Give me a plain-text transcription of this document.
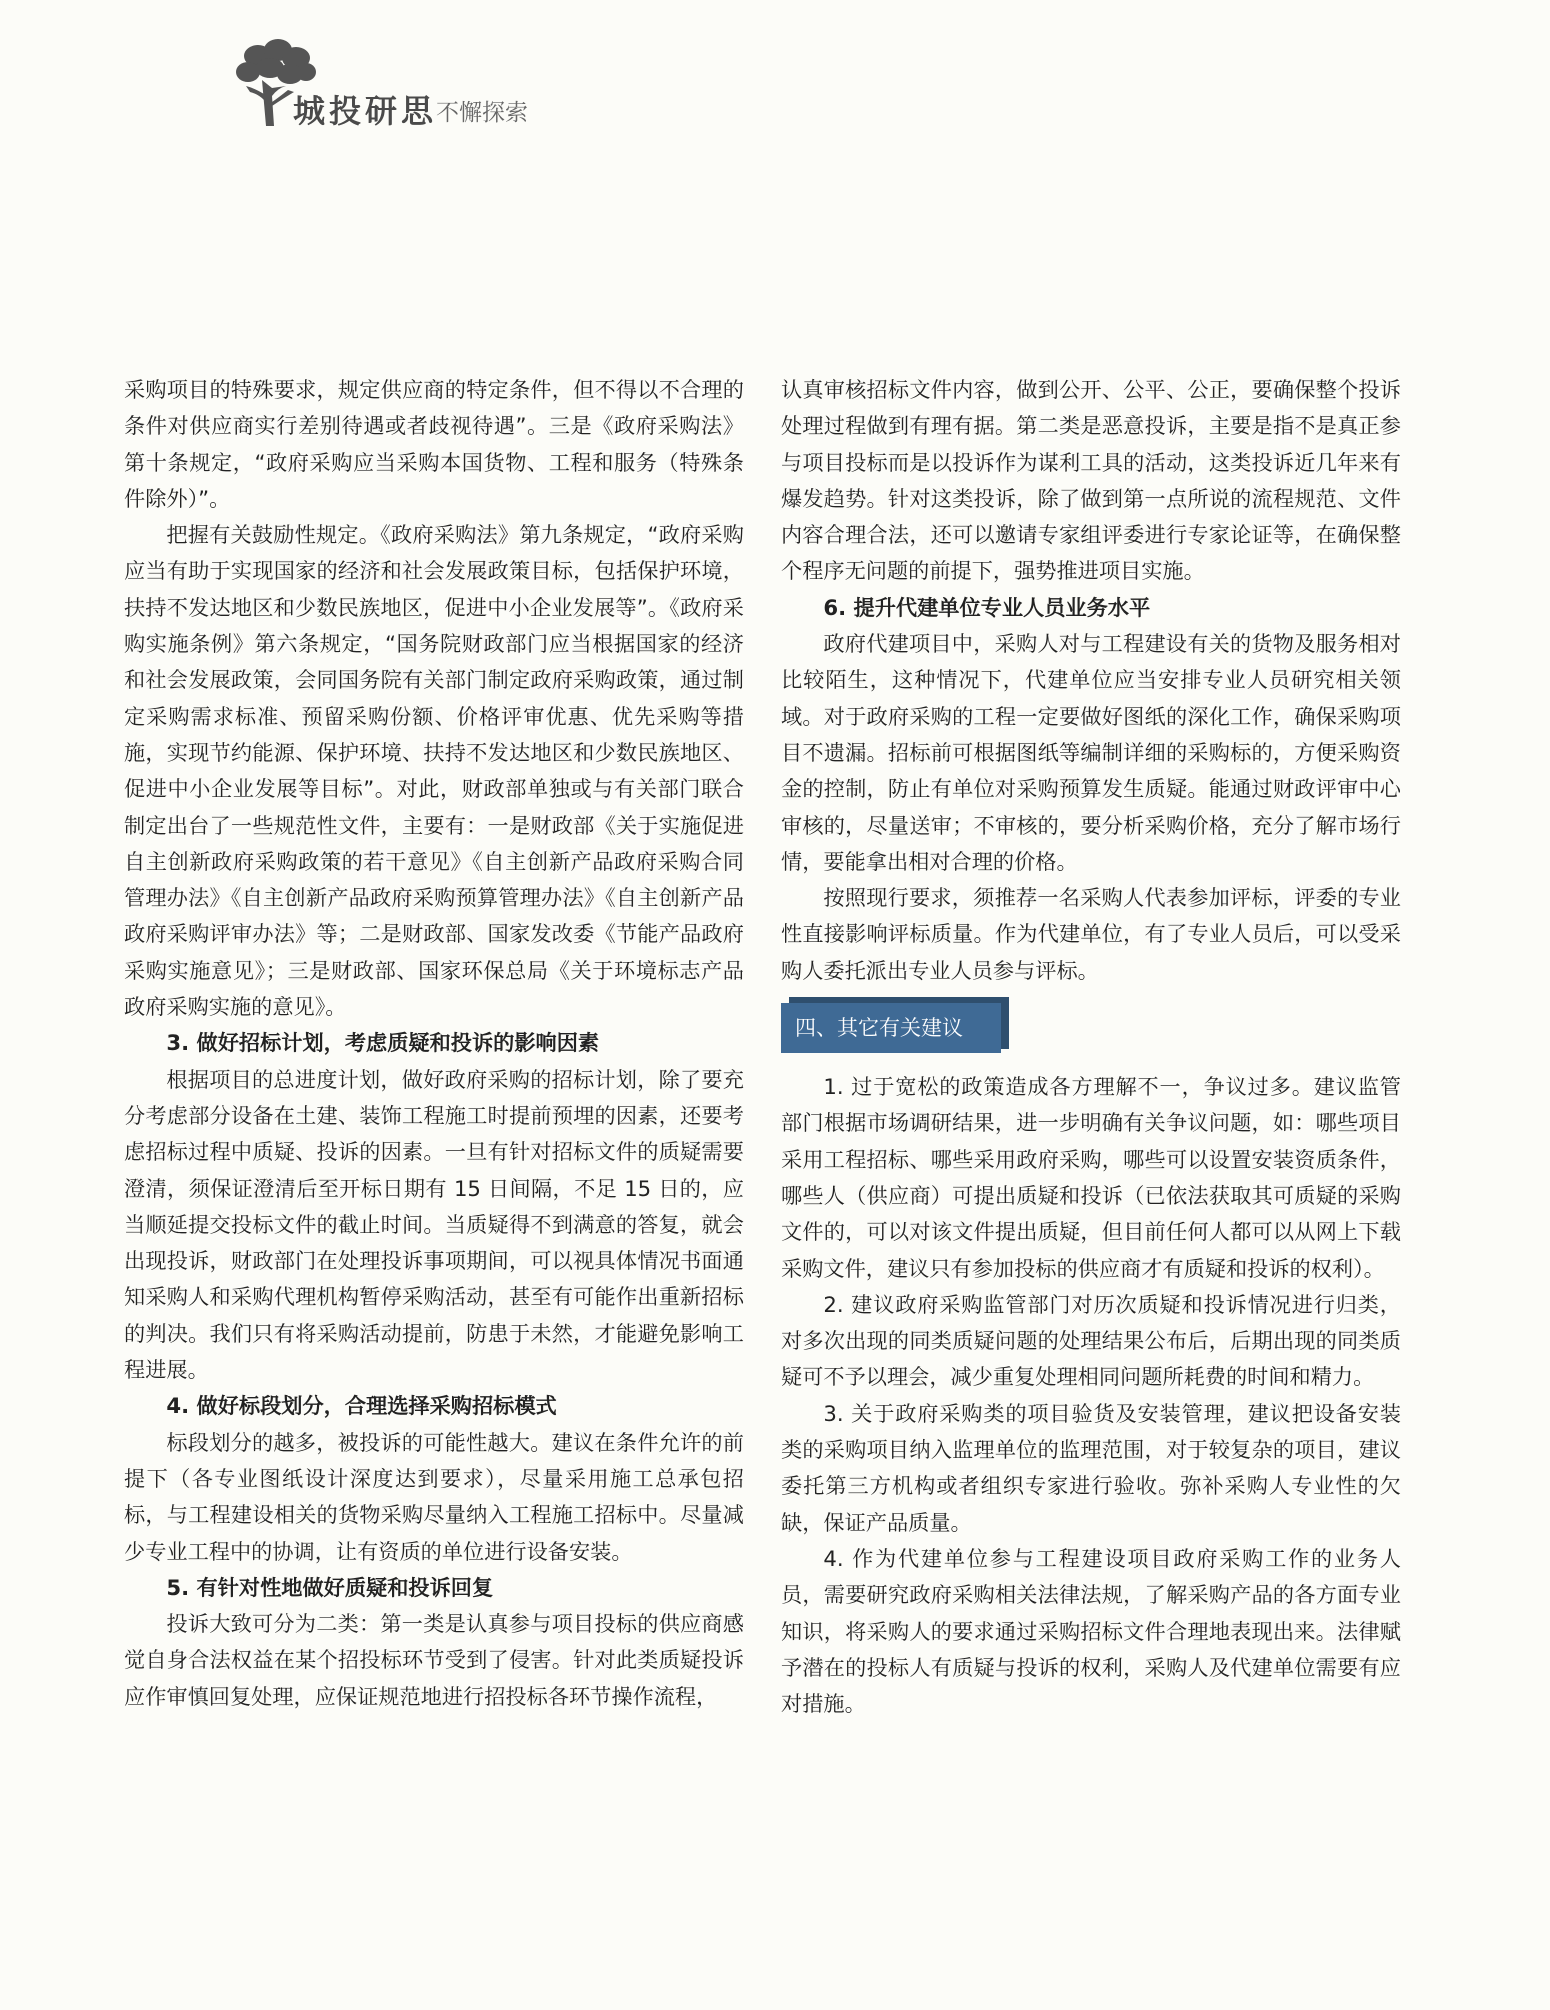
城投研思
不懈探索

采购项目的特殊要求，规定供应商的特定条件，但不得以不合理的条件对供应商实行差别待遇或者歧视待遇”。三是《政府采购法》第十条规定，“政府采购应当采购本国货物、工程和服务（特殊条件除外）”。

把握有关鼓励性规定。《政府采购法》第九条规定，“政府采购应当有助于实现国家的经济和社会发展政策目标，包括保护环境，扶持不发达地区和少数民族地区，促进中小企业发展等”。《政府采购实施条例》第六条规定，“国务院财政部门应当根据国家的经济和社会发展政策，会同国务院有关部门制定政府采购政策，通过制定采购需求标准、预留采购份额、价格评审优惠、优先采购等措施，实现节约能源、保护环境、扶持不发达地区和少数民族地区、促进中小企业发展等目标”。对此，财政部单独或与有关部门联合制定出台了一些规范性文件，主要有：一是财政部《关于实施促进自主创新政府采购政策的若干意见》《自主创新产品政府采购合同管理办法》《自主创新产品政府采购预算管理办法》《自主创新产品政府采购评审办法》等；二是财政部、国家发改委《节能产品政府采购实施意见》；三是财政部、国家环保总局《关于环境标志产品政府采购实施的意见》。

3. 做好招标计划，考虑质疑和投诉的影响因素

根据项目的总进度计划，做好政府采购的招标计划，除了要充分考虑部分设备在土建、装饰工程施工时提前预埋的因素，还要考虑招标过程中质疑、投诉的因素。一旦有针对招标文件的质疑需要澄清，须保证澄清后至开标日期有 15 日间隔，不足 15 日的，应当顺延提交投标文件的截止时间。当质疑得不到满意的答复，就会出现投诉，财政部门在处理投诉事项期间，可以视具体情况书面通知采购人和采购代理机构暂停采购活动，甚至有可能作出重新招标的判决。我们只有将采购活动提前，防患于未然，才能避免影响工程进展。

4. 做好标段划分，合理选择采购招标模式

标段划分的越多，被投诉的可能性越大。建议在条件允许的前提下（各专业图纸设计深度达到要求），尽量采用施工总承包招标，与工程建设相关的货物采购尽量纳入工程施工招标中。尽量减少专业工程中的协调，让有资质的单位进行设备安装。

5. 有针对性地做好质疑和投诉回复

投诉大致可分为二类：第一类是认真参与项目投标的供应商感觉自身合法权益在某个招投标环节受到了侵害。针对此类质疑投诉应作审慎回复处理，应保证规范地进行招投标各环节操作流程，

认真审核招标文件内容，做到公开、公平、公正，要确保整个投诉处理过程做到有理有据。第二类是恶意投诉，主要是指不是真正参与项目投标而是以投诉作为谋利工具的活动，这类投诉近几年来有爆发趋势。针对这类投诉，除了做到第一点所说的流程规范、文件内容合理合法，还可以邀请专家组评委进行专家论证等，在确保整个程序无问题的前提下，强势推进项目实施。

6. 提升代建单位专业人员业务水平

政府代建项目中，采购人对与工程建设有关的货物及服务相对比较陌生，这种情况下，代建单位应当安排专业人员研究相关领域。对于政府采购的工程一定要做好图纸的深化工作，确保采购项目不遗漏。招标前可根据图纸等编制详细的采购标的，方便采购资金的控制，防止有单位对采购预算发生质疑。能通过财政评审中心审核的，尽量送审；不审核的，要分析采购价格，充分了解市场行情，要能拿出相对合理的价格。

按照现行要求，须推荐一名采购人代表参加评标，评委的专业性直接影响评标质量。作为代建单位，有了专业人员后，可以受采购人委托派出专业人员参与评标。

四、其它有关建议

1. 过于宽松的政策造成各方理解不一，争议过多。建议监管部门根据市场调研结果，进一步明确有关争议问题，如：哪些项目采用工程招标、哪些采用政府采购，哪些可以设置安装资质条件，哪些人（供应商）可提出质疑和投诉（已依法获取其可质疑的采购文件的，可以对该文件提出质疑，但目前任何人都可以从网上下载采购文件，建议只有参加投标的供应商才有质疑和投诉的权利）。

2. 建议政府采购监管部门对历次质疑和投诉情况进行归类，对多次出现的同类质疑问题的处理结果公布后，后期出现的同类质疑可不予以理会，减少重复处理相同问题所耗费的时间和精力。

3. 关于政府采购类的项目验货及安装管理，建议把设备安装类的采购项目纳入监理单位的监理范围，对于较复杂的项目，建议委托第三方机构或者组织专家进行验收。弥补采购人专业性的欠缺，保证产品质量。

4. 作为代建单位参与工程建设项目政府采购工作的业务人员，需要研究政府采购相关法律法规，了解采购产品的各方面专业知识，将采购人的要求通过采购招标文件合理地表现出来。法律赋予潜在的投标人有质疑与投诉的权利，采购人及代建单位需要有应对措施。
